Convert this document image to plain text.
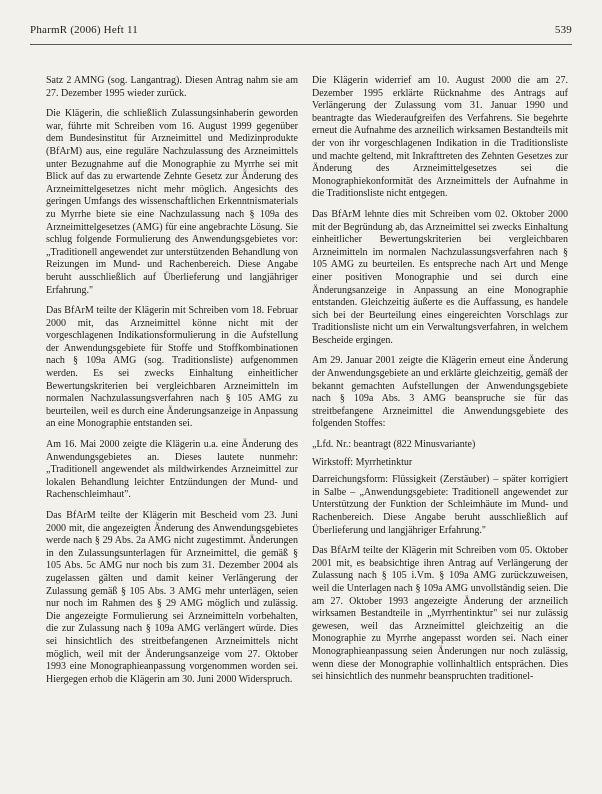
PharmR (2006) Heft 11	539

Satz 2 AMNG (sog. Langantrag). Diesen Antrag nahm sie am 27. Dezember 1995 wieder zurück.

Die Klägerin, die schließlich Zulassungsinhaberin geworden war, führte mit Schreiben vom 16. August 1999 gegenüber dem Bundesinstitut für Arzneimittel und Medizinprodukte (BfArM) aus, eine reguläre Nachzulassung des Arzneimittels unter Bezugnahme auf die Monographie zu Myrrhe sei mit Blick auf das zu erwartende Zehnte Gesetz zur Änderung des Arzneimittelgesetzes nicht mehr möglich. Angesichts des geringen Umfangs des wissenschaftlichen Erkenntnismaterials zu Myrrhe biete sie eine Nachzulassung nach § 109a des Arzneimittelgesetzes (AMG) für eine angebrachte Lösung. Sie schlug folgende Formulierung des Anwendungsgebietes vor: „Traditionell angewendet zur unterstützenden Behandlung von Reizungen im Mund- und Rachenbereich. Diese Angabe beruht ausschließlich auf Überlieferung und langjähriger Erfahrung."

Das BfArM teilte der Klägerin mit Schreiben vom 18. Februar 2000 mit, das Arzneimittel könne nicht mit der vorgeschlagenen Indikationsformulierung in die Aufstellung der Anwendungsgebiete für Stoffe und Stoffkombinationen nach § 109a AMG (sog. Traditionsliste) aufgenommen werden. Es sei zwecks Einhaltung einheitlicher Bewertungskriterien bei vergleichbaren Arzneimitteln im normalen Nachzulassungsverfahren nach § 105 AMG zu beurteilen, weil es durch eine Änderungsanzeige in Anpassung an eine Monographie entstanden sei.

Am 16. Mai 2000 zeigte die Klägerin u.a. eine Änderung des Anwendungsgebietes an. Dieses lautete nunmehr: „Traditionell angewendet als mildwirkendes Arzneimittel zur lokalen Behandlung leichter Entzündungen der Mund- und Rachenschleimhaut".

Das BfArM teilte der Klägerin mit Bescheid vom 23. Juni 2000 mit, die angezeigten Änderung des Anwendungsgebietes werde nach § 29 Abs. 2a AMG nicht zugestimmt. Änderungen in den Zulassungsunterlagen für Arzneimittel, die gemäß § 105 Abs. 5c AMG nur noch bis zum 31. Dezember 2004 als zugelassen gälten und damit keiner Verlängerung der Zulassung gemäß § 105 Abs. 3 AMG mehr unterlägen, seien nur noch im Rahmen des § 29 AMG möglich und zulässig. Die angezeigte Formulierung sei Arzneimitteln vorbehalten, die zur Zulassung nach § 109a AMG verlängert würde. Dies sei hinsichtlich des streitbefangenen Arzneimittels nicht möglich, weil mit der Änderungsanzeige vom 27. Oktober 1993 eine Monographieanpassung vorgenommen worden sei. Hiergegen erhob die Klägerin am 30. Juni 2000 Widerspruch.

Die Klägerin widerrief am 10. August 2000 die am 27. Dezember 1995 erklärte Rücknahme des Antrags auf Verlängerung der Zulassung vom 31. Januar 1990 und beantragte das Wiederaufgreifen des Verfahrens. Sie begehrte erneut die Aufnahme des arzneilich wirksamen Bestandteils mit der von ihr vorgeschlagenen Indikation in die Traditionsliste und machte geltend, mit Inkrafttreten des Zehnten Gesetzes zur Änderung des Arzneimittelgesetzes sei die Monographiekonformität des Arzneimittels der Aufnahme in die Traditionsliste nicht entgegen.

Das BfArM lehnte dies mit Schreiben vom 02. Oktober 2000 mit der Begründung ab, das Arzneimittel sei zwecks Einhaltung einheitlicher Bewertungskriterien bei vergleichbaren Arzneimitteln im normalen Nachzulassungsverfahren nach § 105 AMG zu beurteilen. Es entspreche nach Art und Menge einer positiven Monographie und sei durch eine Änderungsanzeige in Anpassung an eine Monographie entstanden. Gleichzeitig äußerte es die Auffassung, es handele sich bei der Beurteilung eines eingereichten Vorschlags zur Traditionsliste nicht um ein Verwaltungsverfahren, in welchem Bescheide ergingen.

Am 29. Januar 2001 zeigte die Klägerin erneut eine Änderung der Anwendungsgebiete an und erklärte gleichzeitig, gemäß der bekannt gemachten Aufstellungen der Anwendungsgebiete nach § 109a Abs. 3 AMG beanspruche sie für das streitbefangene Arzneimittel die Anwendungsgebiete des folgenden Stoffes:

„Lfd. Nr.: beantragt (822 Minusvariante)

Wirkstoff: Myrrhetinktur

Darreichungsform: Flüssigkeit (Zerstäuber) – später korrigiert in Salbe – „Anwendungsgebiete: Traditionell angewendet zur Unterstützung der Funktion der Schleimhäute im Mund- und Rachenbereich. Diese Angabe beruht ausschließlich auf Überlieferung und langjähriger Erfahrung."

Das BfArM teilte der Klägerin mit Schreiben vom 05. Oktober 2001 mit, es beabsichtige ihren Antrag auf Verlängerung der Zulassung nach § 105 i.Vm. § 109a AMG zurückzuweisen, weil die Unterlagen nach § 109a AMG unvollständig seien. Die am 27. Oktober 1993 angezeigte Änderung der arzneilich wirksamen Bestandteile in „Myrrhentinktur" sei nur zulässig gewesen, weil das Arzneimittel gleichzeitig an die Monographie zu Myrrhe angepasst worden sei. Nach einer Monographieanpassung seien Änderungen nur noch zulässig, wenn diese der Monographie vollinhaltlich entsprächen. Dies sei hinsichtlich des nunmehr beanspruchten traditionel-
